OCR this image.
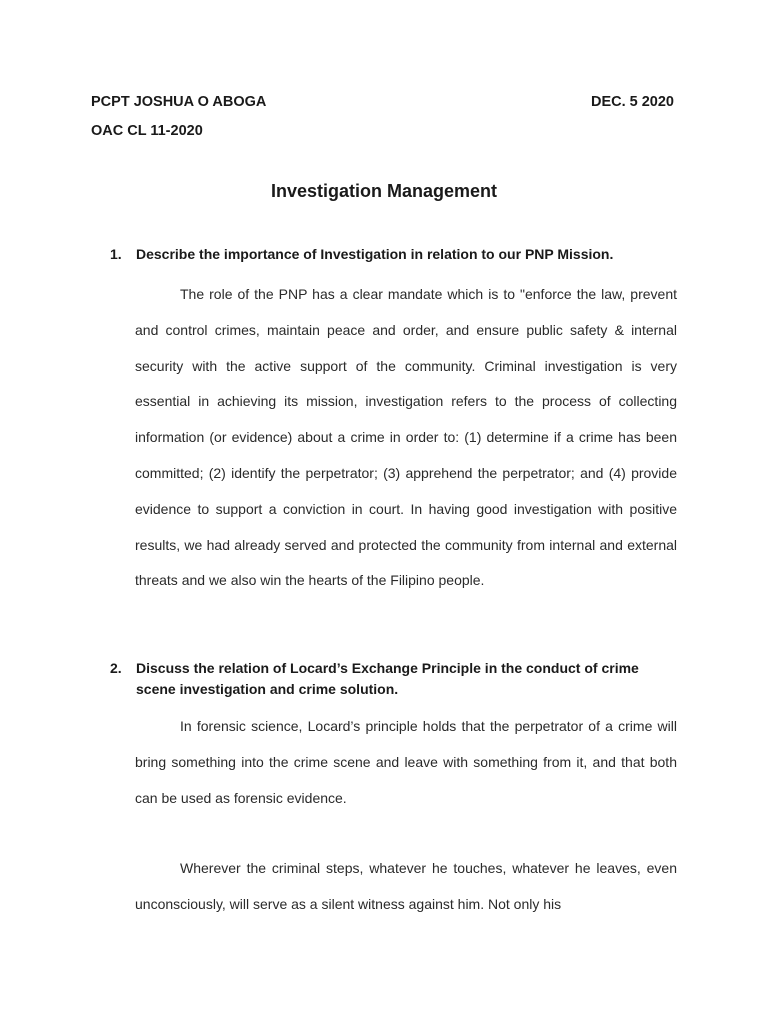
PCPT JOSHUA O ABOGA	DEC. 5 2020

OAC CL 11-2020

Investigation Management
1.	Describe the importance of Investigation in relation to our PNP Mission.

The role of the PNP has a clear mandate which is to "enforce the law, prevent and control crimes, maintain peace and order, and ensure public safety & internal security with the active support of the community. Criminal investigation is very essential in achieving its mission, investigation refers to the process of collecting information (or evidence) about a crime in order to: (1) determine if a crime has been committed; (2) identify the perpetrator; (3) apprehend the perpetrator; and (4) provide evidence to support a conviction in court. In having good investigation with positive results, we had already served and protected the community from internal and external threats and we also win the hearts of the Filipino people.

2.	Discuss the relation of Locard’s Exchange Principle in the conduct of crime scene investigation and crime solution.

In forensic science, Locard’s principle holds that the perpetrator of a crime will bring something into the crime scene and leave with something from it, and that both can be used as forensic evidence.

Wherever the criminal steps, whatever he touches, whatever he leaves, even unconsciously, will serve as a silent witness against him. Not only his
